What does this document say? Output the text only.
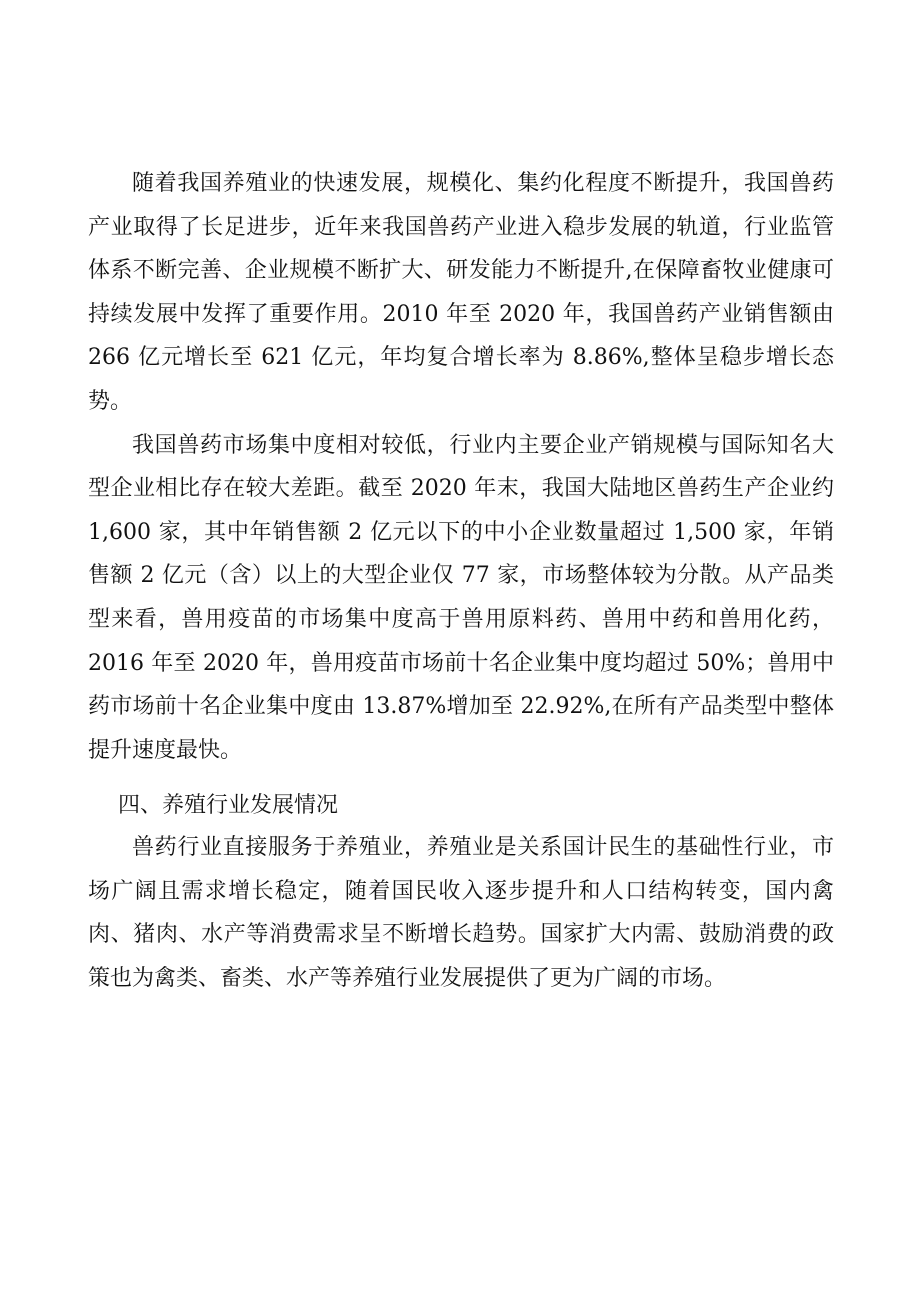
随着我国养殖业的快速发展，规模化、集约化程度不断提升，我国兽药产业取得了长足进步，近年来我国兽药产业进入稳步发展的轨道，行业监管体系不断完善、企业规模不断扩大、研发能力不断提升,在保障畜牧业健康可持续发展中发挥了重要作用。2010 年至 2020 年，我国兽药产业销售额由 266 亿元增长至 621 亿元，年均复合增长率为 8.86%,整体呈稳步增长态势。

我国兽药市场集中度相对较低，行业内主要企业产销规模与国际知名大型企业相比存在较大差距。截至 2020 年末，我国大陆地区兽药生产企业约 1,600 家，其中年销售额 2 亿元以下的中小企业数量超过 1,500 家，年销售额 2 亿元（含）以上的大型企业仅 77 家，市场整体较为分散。从产品类型来看，兽用疫苗的市场集中度高于兽用原料药、兽用中药和兽用化药，2016 年至 2020 年，兽用疫苗市场前十名企业集中度均超过 50%；兽用中药市场前十名企业集中度由 13.87%增加至 22.92%,在所有产品类型中整体提升速度最快。

四、养殖行业发展情况

兽药行业直接服务于养殖业，养殖业是关系国计民生的基础性行业，市场广阔且需求增长稳定，随着国民收入逐步提升和人口结构转变，国内禽肉、猪肉、水产等消费需求呈不断增长趋势。国家扩大内需、鼓励消费的政策也为禽类、畜类、水产等养殖行业发展提供了更为广阔的市场。
